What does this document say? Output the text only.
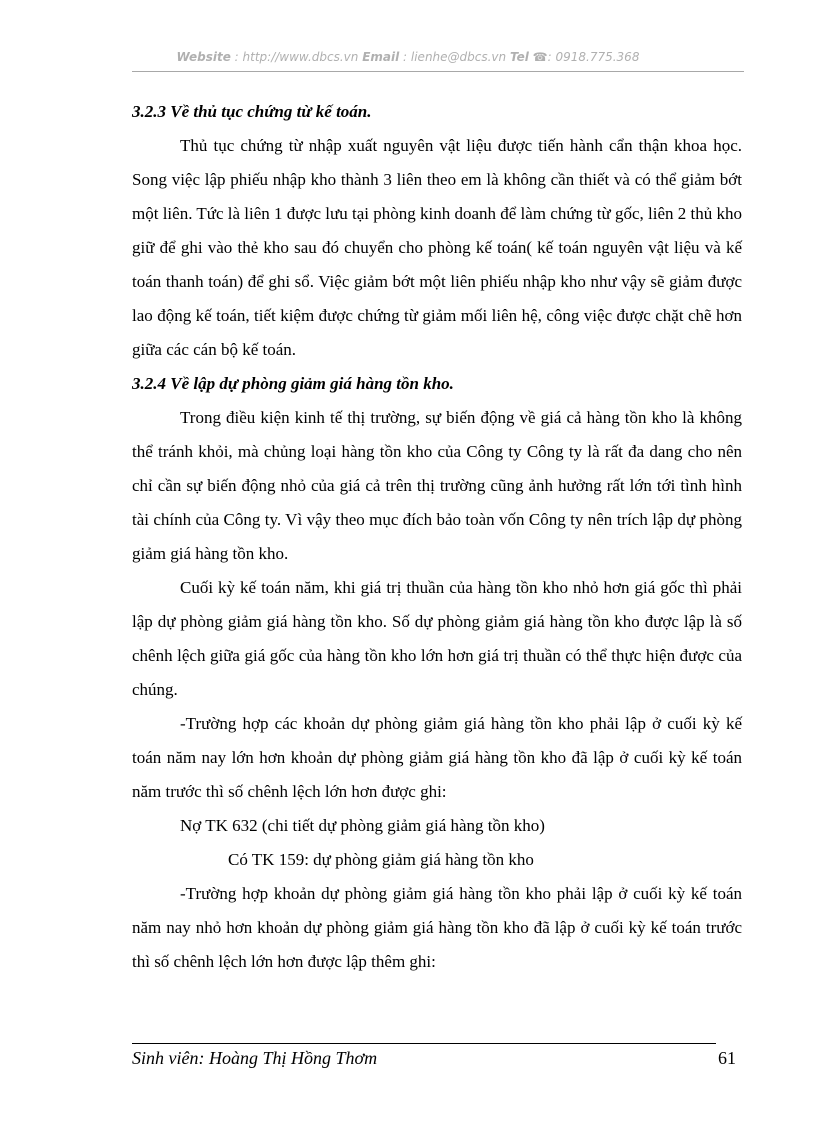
Website : http://www.dbcs.vn Email : lienhe@dbcs.vn Tel ☎: 0918.775.368

3.2.3 Về thủ tục chứng từ kế toán.

Thủ tục chứng từ nhập xuất nguyên vật liệu được tiến hành cẩn thận khoa học. Song việc lập phiếu nhập kho thành 3 liên theo em là không cần thiết và có thể giảm bớt một liên. Tức là liên 1 được lưu tại phòng kinh doanh để làm chứng từ gốc, liên 2 thủ kho giữ để ghi vào thẻ kho sau đó chuyển cho phòng kế toán( kế toán nguyên vật liệu và kế toán thanh toán) để ghi sổ. Việc giảm bớt một liên phiếu nhập kho như vậy sẽ giảm được lao động kế toán, tiết kiệm được chứng từ giảm mối liên hệ, công việc được chặt chẽ hơn giữa các cán bộ kế toán.

3.2.4 Về lập dự phòng giảm giá hàng tồn kho.

Trong điều kiện kinh tế thị trường, sự biến động về giá cả hàng tồn kho là không thể tránh khỏi, mà chủng loại hàng tồn kho của Công ty Công ty là rất đa dang cho nên chỉ cần sự biến động nhỏ của giá cả trên thị trường cũng ảnh hưởng rất lớn tới tình hình tài chính của Công ty. Vì vậy theo mục đích bảo toàn vốn Công ty nên trích lập dự phòng giảm giá hàng tồn kho.

Cuối kỳ kế toán năm, khi giá trị thuần của hàng tồn kho nhỏ hơn giá gốc thì phải lập dự phòng giảm giá hàng tồn kho. Số dự phòng giảm giá hàng tồn kho được lập là số chênh lệch giữa giá gốc của hàng tồn kho lớn hơn giá trị thuần có thể thực hiện được của chúng.

-Trường hợp các khoản dự phòng giảm giá hàng tồn kho phải lập ở cuối kỳ kế toán năm nay lớn hơn khoản dự phòng giảm giá hàng tồn kho đã lập ở cuối kỳ kế toán năm trước thì số chênh lệch lớn hơn được ghi:

Nợ TK 632 (chi tiết dự phòng giảm giá hàng tồn kho)

Có TK 159: dự phòng giảm giá hàng tồn kho

-Trường hợp khoản dự phòng giảm giá hàng tồn kho phải lập ở cuối kỳ kế toán năm nay nhỏ hơn khoản dự phòng giảm giá hàng tồn kho đã lập ở cuối kỳ kế toán trước thì số chênh lệch lớn hơn được lập thêm ghi:

Sinh viên: Hoàng Thị Hồng Thơm	61
